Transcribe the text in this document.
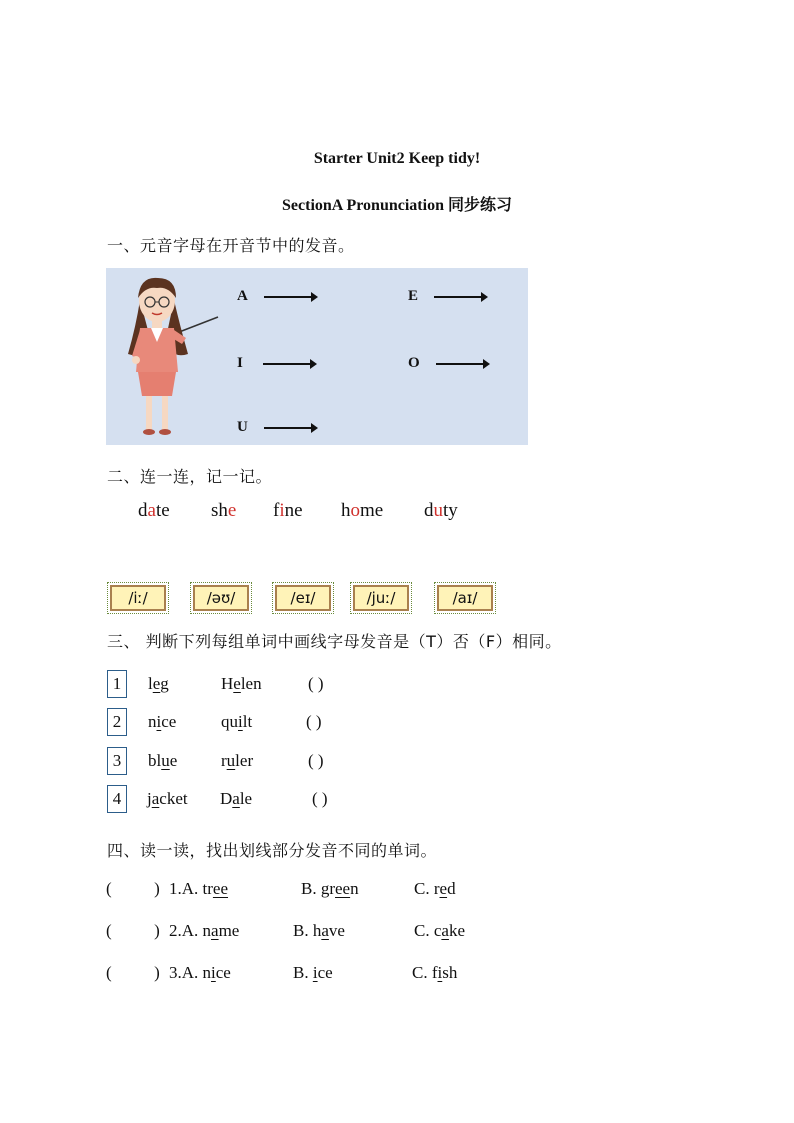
Starter Unit2 Keep tidy!
SectionA Pronunciation 同步练习
一、元音字母在开音节中的发音。
A	E
I	O
U
二、连一连，记一记。
date she fine home duty
/iː/	/əʊ/	/eɪ/	/juː/	/aɪ/
三、 判断下列每组单词中画线字母发音是（T）否（F）相同。
1	leg	Helen	( )
2	nice	quilt	( )
3	blue	ruler	( )
4	jacket Dale	( )
四、读一读，找出划线部分发音不同的单词。
(          ) 1.A. tree	B. green	C. red
(          ) 2.A. name	B. have	C. cake
(          ) 3.A. nice	B. ice	C. fish
